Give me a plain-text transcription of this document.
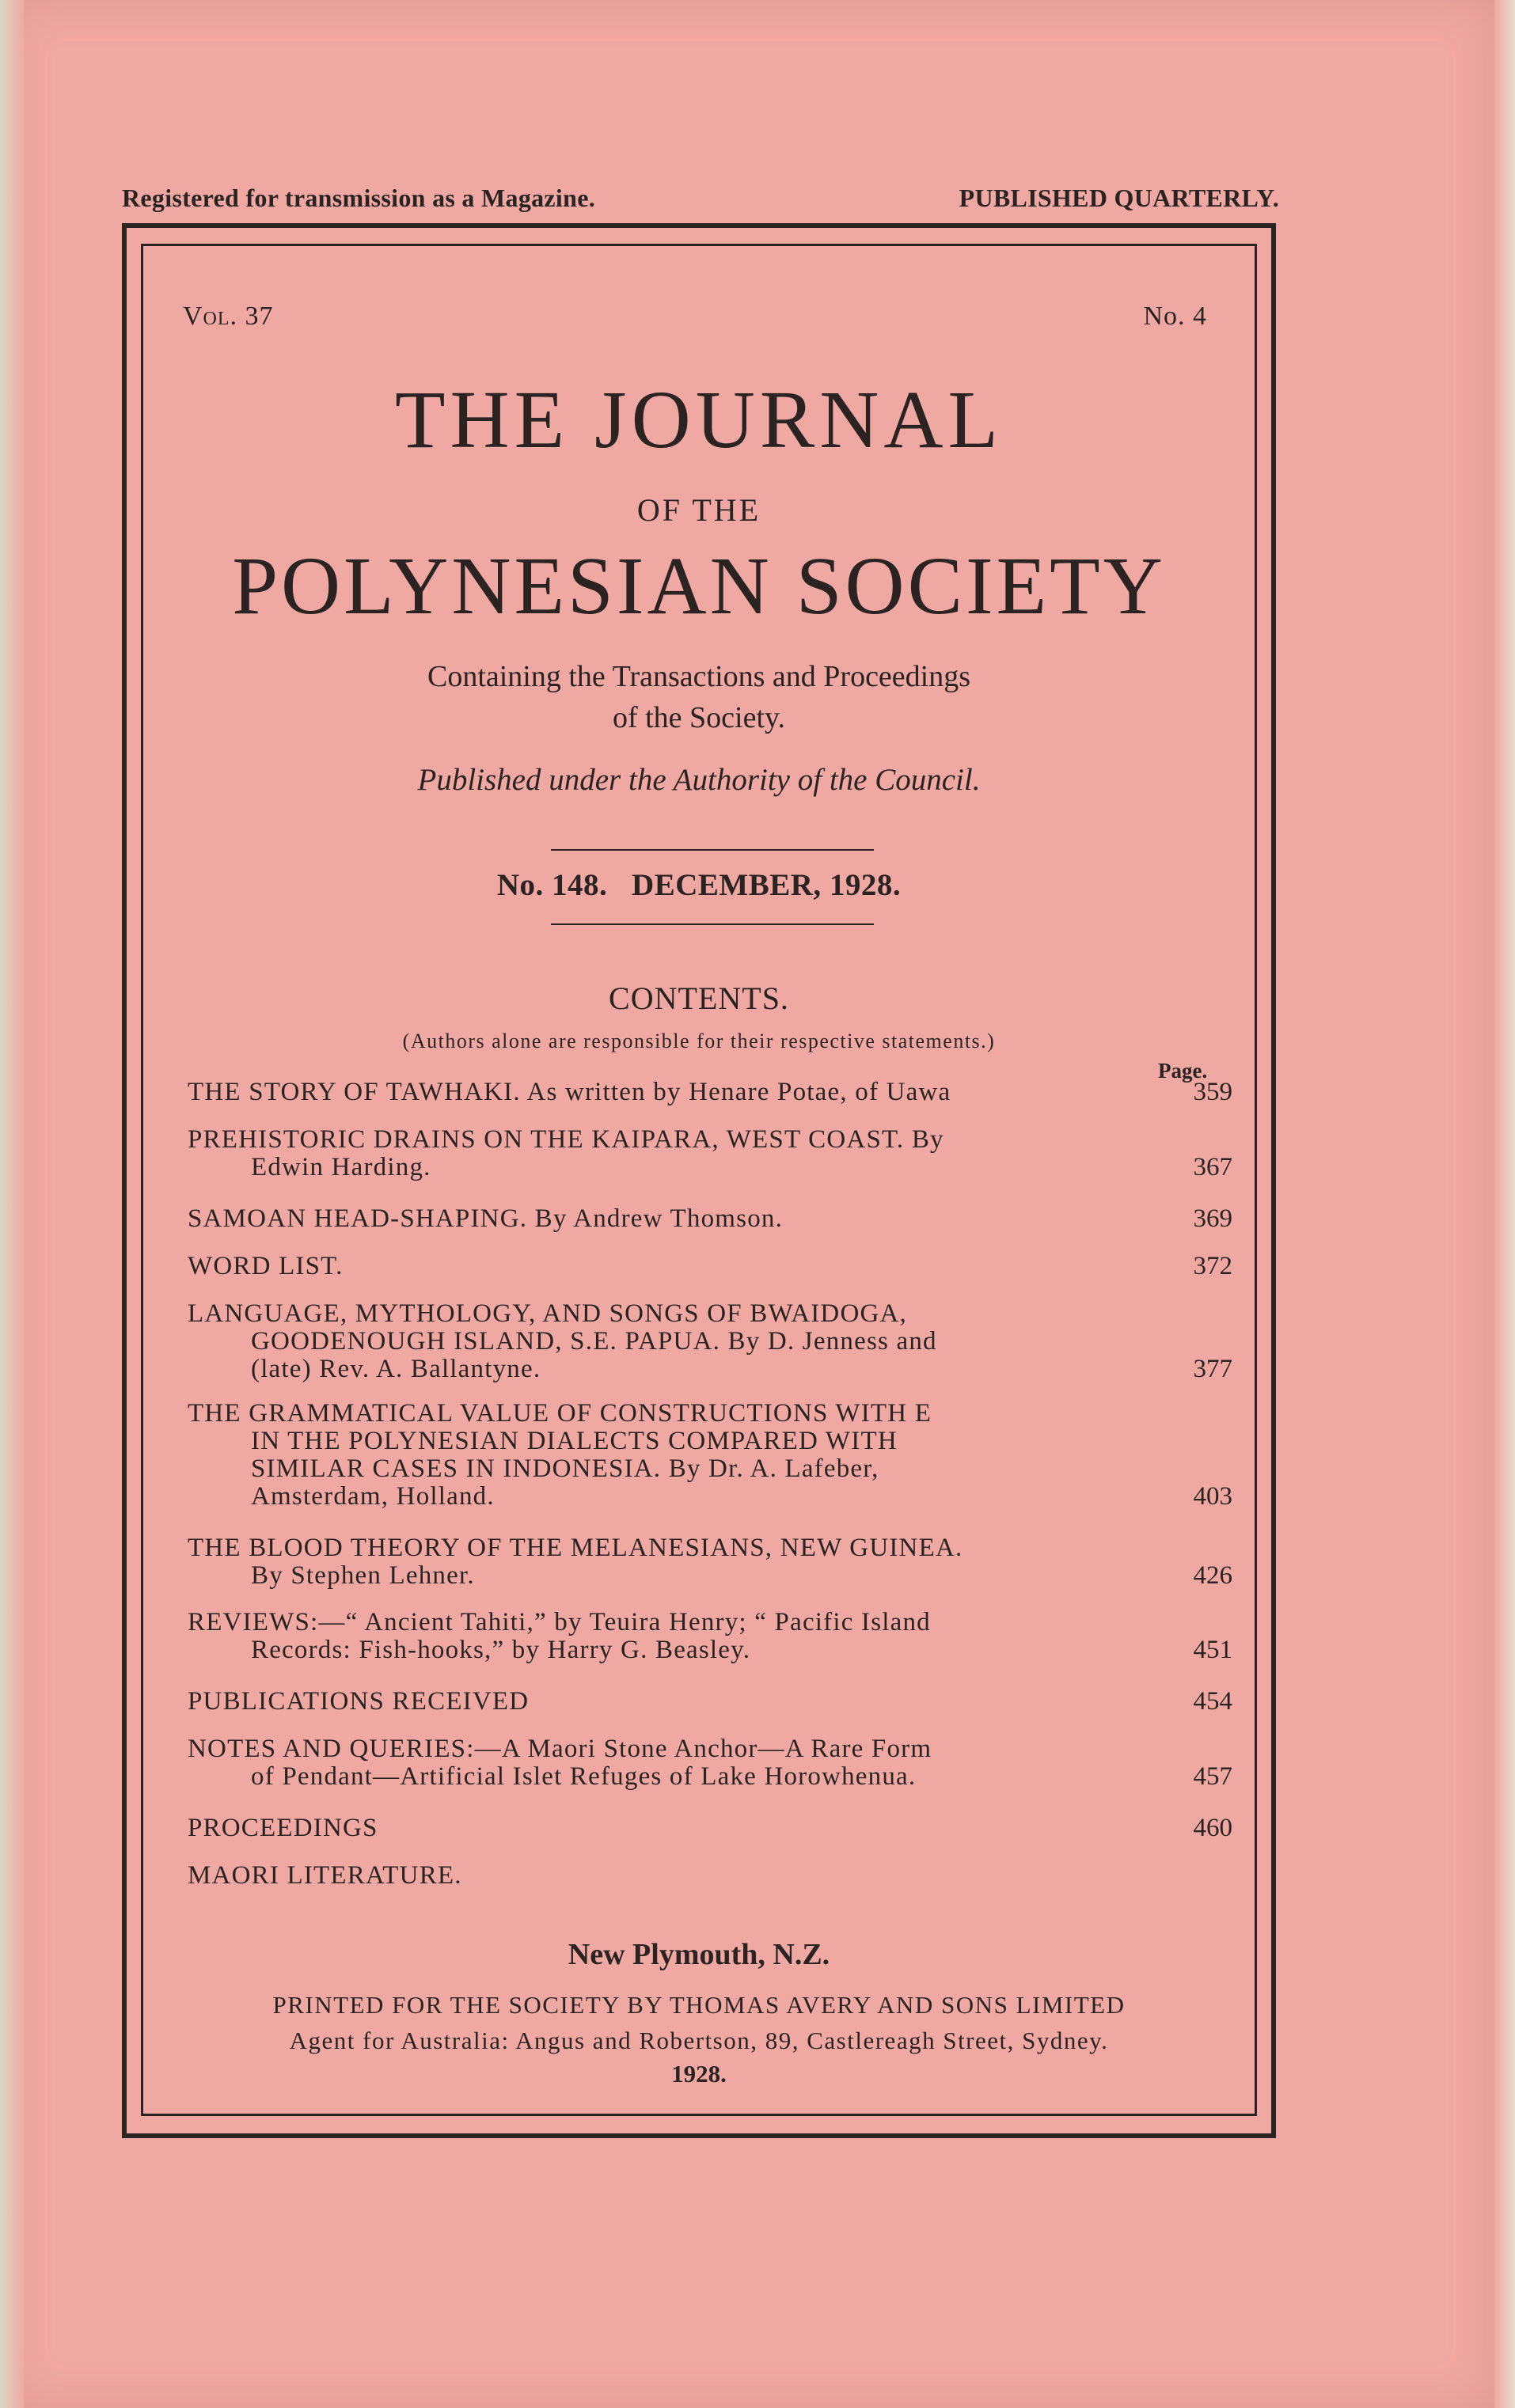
Registered for transmission as a Magazine.	PUBLISHED QUARTERLY.
Vol. 37	No. 4
THE JOURNAL
OF THE
POLYNESIAN SOCIETY
Containing the Transactions and Proceedings
of the Society.
Published under the Authority of the Council.
No. 148.   DECEMBER, 1928.
CONTENTS.
(Authors alone are responsible for their respective statements.)
Page.
THE STORY OF TAWHAKI. As written by Henare Potae, of Uawa	359
PREHISTORIC DRAINS ON THE KAIPARA, WEST COAST. By
Edwin Harding.	367
SAMOAN HEAD-SHAPING. By Andrew Thomson.	369
WORD LIST.	372
LANGUAGE, MYTHOLOGY, AND SONGS OF BWAIDOGA,
GOODENOUGH ISLAND, S.E. PAPUA. By D. Jenness and
(late) Rev. A. Ballantyne.	377
THE GRAMMATICAL VALUE OF CONSTRUCTIONS WITH E
IN THE POLYNESIAN DIALECTS COMPARED WITH
SIMILAR CASES IN INDONESIA. By Dr. A. Lafeber,
Amsterdam, Holland.	403
THE BLOOD THEORY OF THE MELANESIANS, NEW GUINEA.
By Stephen Lehner.	426
REVIEWS:—“ Ancient Tahiti,” by Teuira Henry; “ Pacific Island
Records: Fish-hooks,” by Harry G. Beasley.	451
PUBLICATIONS RECEIVED	454
NOTES AND QUERIES:—A Maori Stone Anchor—A Rare Form
of Pendant—Artificial Islet Refuges of Lake Horowhenua.	457
PROCEEDINGS	460
MAORI LITERATURE.
New Plymouth, N.Z.
PRINTED FOR THE SOCIETY BY THOMAS AVERY AND SONS LIMITED
Agent for Australia: Angus and Robertson, 89, Castlereagh Street, Sydney.
1928.
